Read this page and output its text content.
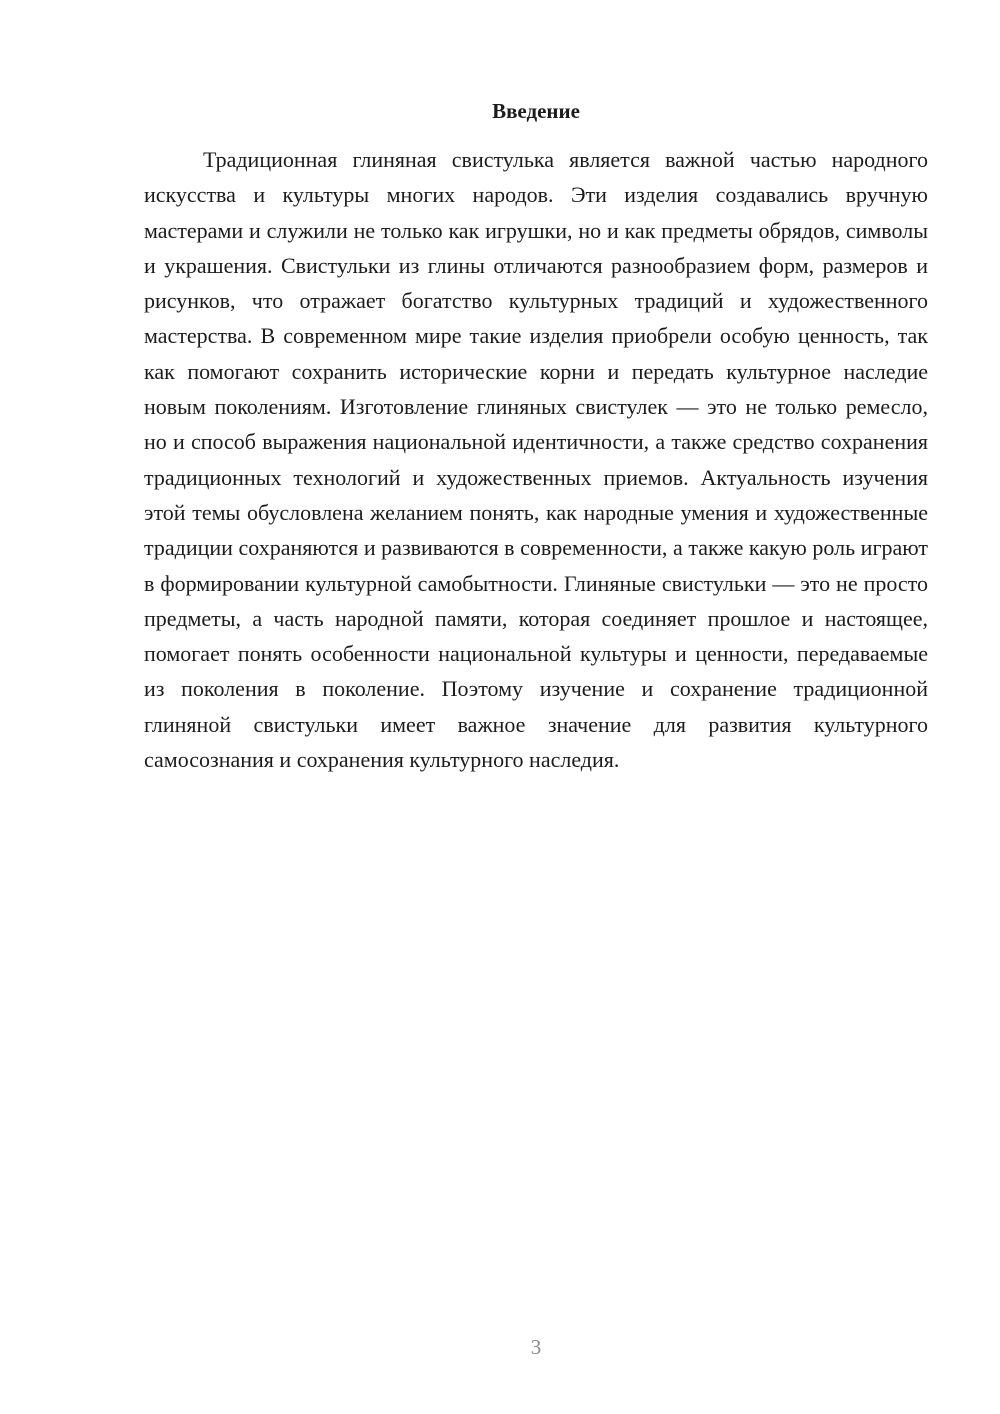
Введение

Традиционная глиняная свистулька является важной частью народного искусства и культуры многих народов. Эти изделия создавались вручную мастерами и служили не только как игрушки, но и как предметы обрядов, символы и украшения. Свистульки из глины отличаются разнообразием форм, размеров и рисунков, что отражает богатство культурных традиций и художественного мастерства. В современном мире такие изделия приобрели особую ценность, так как помогают сохранить исторические корни и передать культурное наследие новым поколениям. Изготовление глиняных свистулек — это не только ремесло, но и способ выражения национальной идентичности, а также средство сохранения традиционных технологий и художественных приемов. Актуальность изучения этой темы обусловлена желанием понять, как народные умения и художественные традиции сохраняются и развиваются в современности, а также какую роль играют в формировании культурной самобытности. Глиняные свистульки — это не просто предметы, а часть народной памяти, которая соединяет прошлое и настоящее, помогает понять особенности национальной культуры и ценности, передаваемые из поколения в поколение. Поэтому изучение и сохранение традиционной глиняной свистульки имеет важное значение для развития культурного самосознания и сохранения культурного наследия.

3
